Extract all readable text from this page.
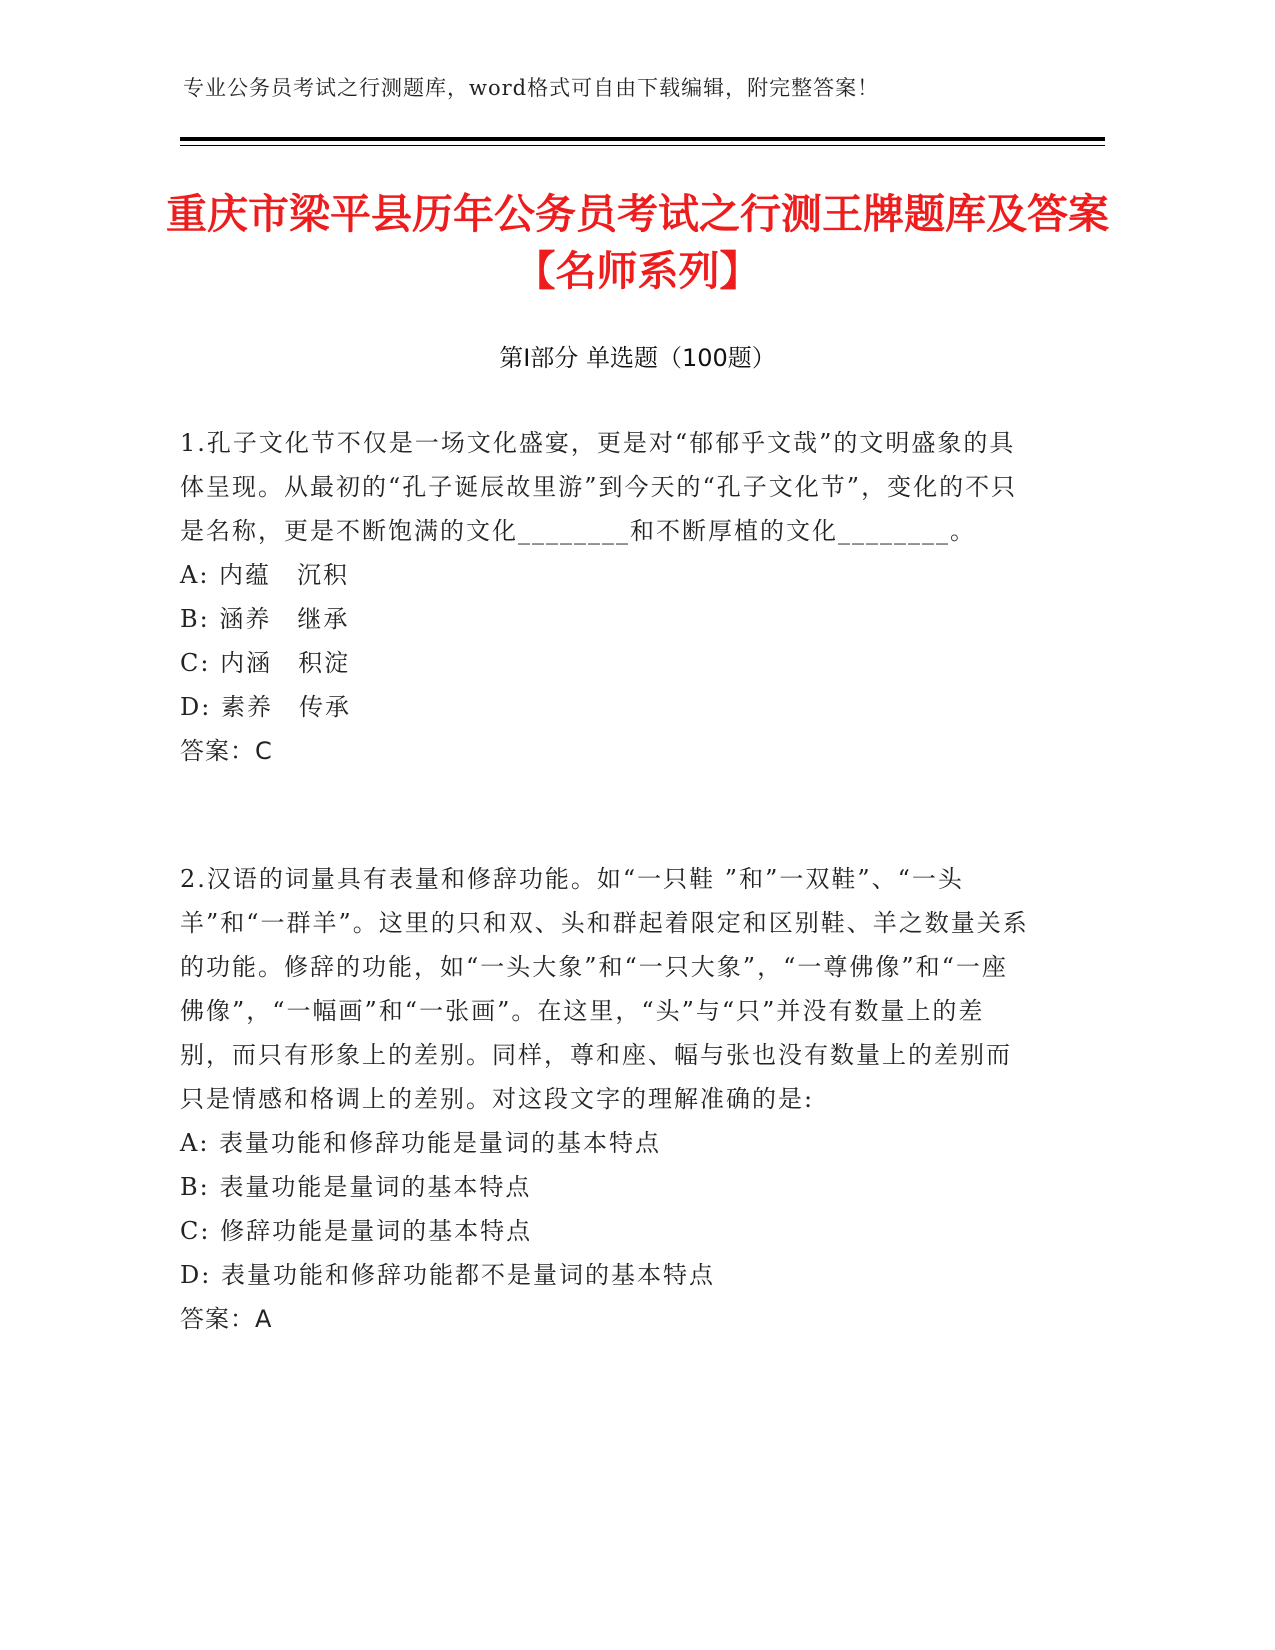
专业公务员考试之行测题库，word格式可自由下载编辑，附完整答案！
重庆市梁平县历年公务员考试之行测王牌题库及答案【名师系列】
第Ⅰ部分 单选题（100题）

1.孔子文化节不仅是一场文化盛宴，更是对“郁郁乎文哉”的文明盛象的具体呈现。从最初的“孔子诞辰故里游”到今天的“孔子文化节”，变化的不只是名称，更是不断饱满的文化________和不断厚植的文化________。

A: 内蕴　沉积

B: 涵养　继承

C: 内涵　积淀

D: 素养　传承

答案：C

2.汉语的词量具有表量和修辞功能。如“一只鞋 ”和”一双鞋”、“一头羊”和“一群羊”。这里的只和双、头和群起着限定和区别鞋、羊之数量关系的功能。修辞的功能，如“一头大象”和“一只大象”，“一尊佛像”和“一座佛像”，“一幅画”和“一张画”。在这里，“头”与“只”并没有数量上的差别，而只有形象上的差别。同样，尊和座、幅与张也没有数量上的差别而只是情感和格调上的差别。对这段文字的理解准确的是:

A: 表量功能和修辞功能是量词的基本特点

B: 表量功能是量词的基本特点

C: 修辞功能是量词的基本特点

D: 表量功能和修辞功能都不是量词的基本特点

答案：A
